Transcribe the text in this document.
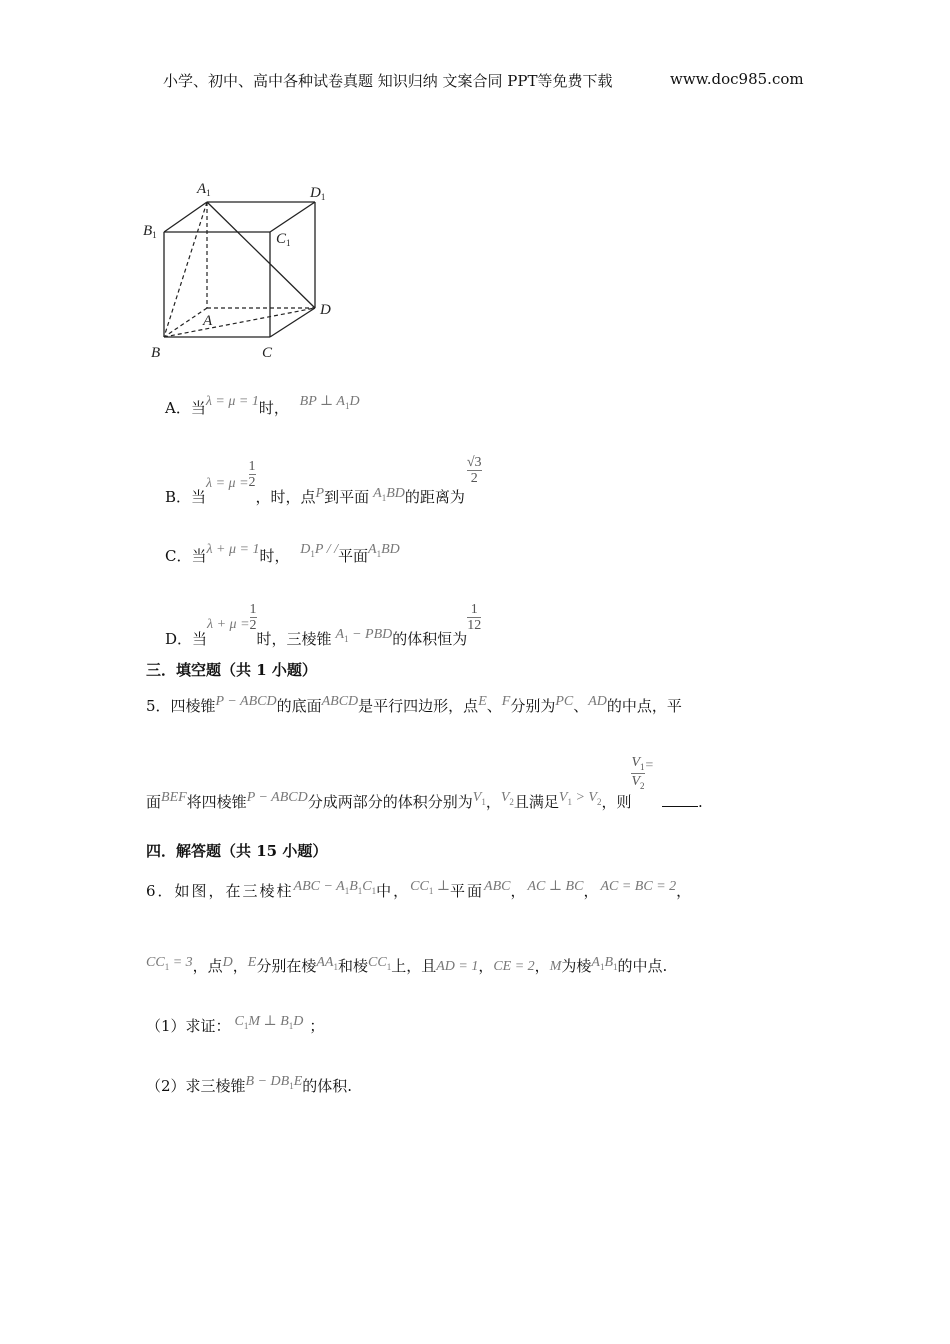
小学、初中、高中各种试卷真题 知识归纳 文案合同 PPT等免费下载	www.doc985.com
$A_1$	$D_1$
$B_1$	$C_1$
D
A
B	C
A．当λ = μ = 1时， BP ⊥ $A_1D$
B．当$\lambda = \mu = \frac{1}{2}$
，时，点P到平面 $A_1BD$的距离为
$\frac{√3}{2}$
C．当λ + μ = 1时， $D_1P$ / /平面$A_1BD$
D．当$\lambda + \mu = \frac{1}{2}$
时，三棱锥 $A_1$ − PBD的体积恒为
$\frac{1}{12}$
三．填空题（共 1 小题）
5．四棱锥P − ABCD的底面ABCD是平行四边形，点E、F分别为PC、AD的中点，平
面BEF将四棱锥P − ABCD分成两部分的体积分别为$V_1$，$V_2$且满足$V_1 > V_2$，则
$\frac{V_1}{V_2}$ =.
四．解答题（共 15 小题）
6．如图，在三棱柱ABC − $A_1B_1C_1$中，$CC_1$ ⊥平面ABC，AC ⊥ BC，AC = BC = 2，
$CC_1 = 3$，点D，E分别在棱$AA_1$和棱$CC_1$上，且AD = 1，CE = 2，M为棱$A_1B_1$的中点.
（1）求证： $C_1M$ ⊥ $B_1D$ ；
（2）求三棱锥$B - DB_1E$的体积.
